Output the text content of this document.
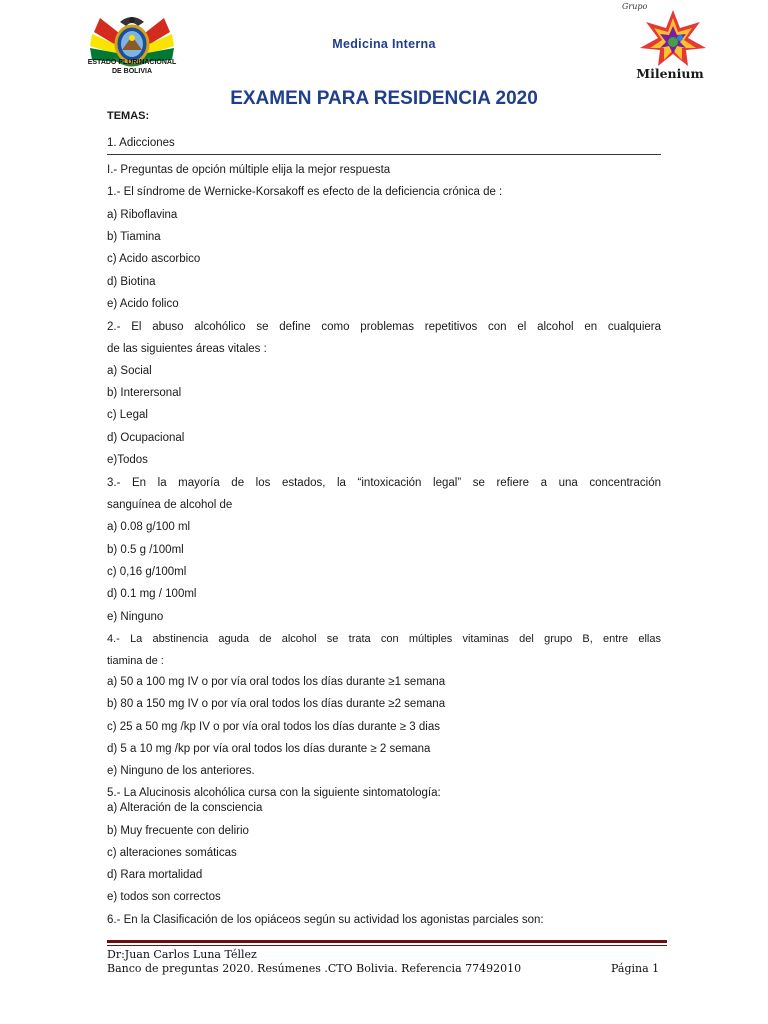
ESTADO PLURINACIONAL
DE BOLIVIA
Medicina Interna
Grupo
Milenium
EXAMEN PARA RESIDENCIA 2020
TEMAS:
1. Adicciones
I.- Preguntas de opción múltiple elija la mejor respuesta
1.- El síndrome de Wernicke-Korsakoff es efecto de la deficiencia crónica de :
a) Riboflavina
b) Tiamina
c) Acido ascorbico
d) Biotina
e) Acido folico
2.- El abuso alcohólico se define como problemas repetitivos con el alcohol en cualquiera
de las siguientes áreas vitales :
a) Social
b) Interersonal
c) Legal
d) Ocupacional
e)Todos
3.- En la mayoría de los estados, la “intoxicación legal” se refiere a una concentración
sanguínea de alcohol de
a) 0.08 g/100 ml
b) 0.5 g /100ml
c) 0,16 g/100ml
d) 0.1 mg / 100ml
e) Ninguno
4.- La abstinencia aguda de alcohol se trata con múltiples vitaminas del grupo B, entre ellas
tiamina de :
a) 50 a 100 mg IV o por vía oral todos los días durante ≥1 semana
b) 80 a 150 mg IV o por vía oral todos los días durante ≥2 semana
c) 25 a 50 mg /kp IV o por vía oral todos los días durante ≥ 3 dias
d) 5 a 10 mg /kp por vía oral todos los días durante ≥ 2 semana
e) Ninguno de los anteriores.
5.- La Alucinosis alcohólica cursa con la siguiente sintomatología:
a) Alteración de la consciencia
b) Muy frecuente con delirio
c) alteraciones somáticas
d) Rara mortalidad
e) todos son correctos
6.- En la Clasificación de los opiáceos según su actividad los agonistas parciales son:
Dr:Juan Carlos Luna Téllez
Banco de preguntas 2020. Resúmenes .CTO Bolivia. Referencia 77492010	Página 1
